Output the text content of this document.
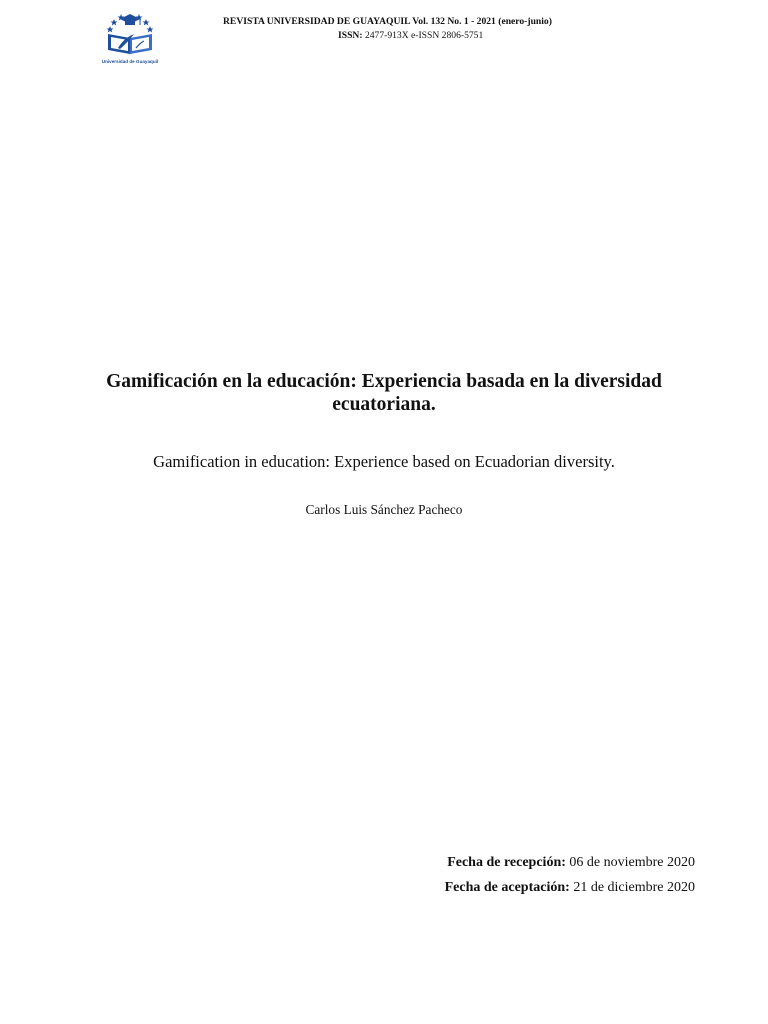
Universidad de Guayaquil
REVISTA UNIVERSIDAD DE GUAYAQUIL Vol. 132 No. 1 - 2021 (enero-junio)
ISSN: 2477-913X e-ISSN 2806-5751
Gamificación en la educación: Experiencia basada en la diversidad ecuatoriana.
Gamification in education: Experience based on Ecuadorian diversity.
Carlos Luis Sánchez Pacheco
Fecha de recepción: 06 de noviembre 2020
Fecha de aceptación: 21 de diciembre 2020
